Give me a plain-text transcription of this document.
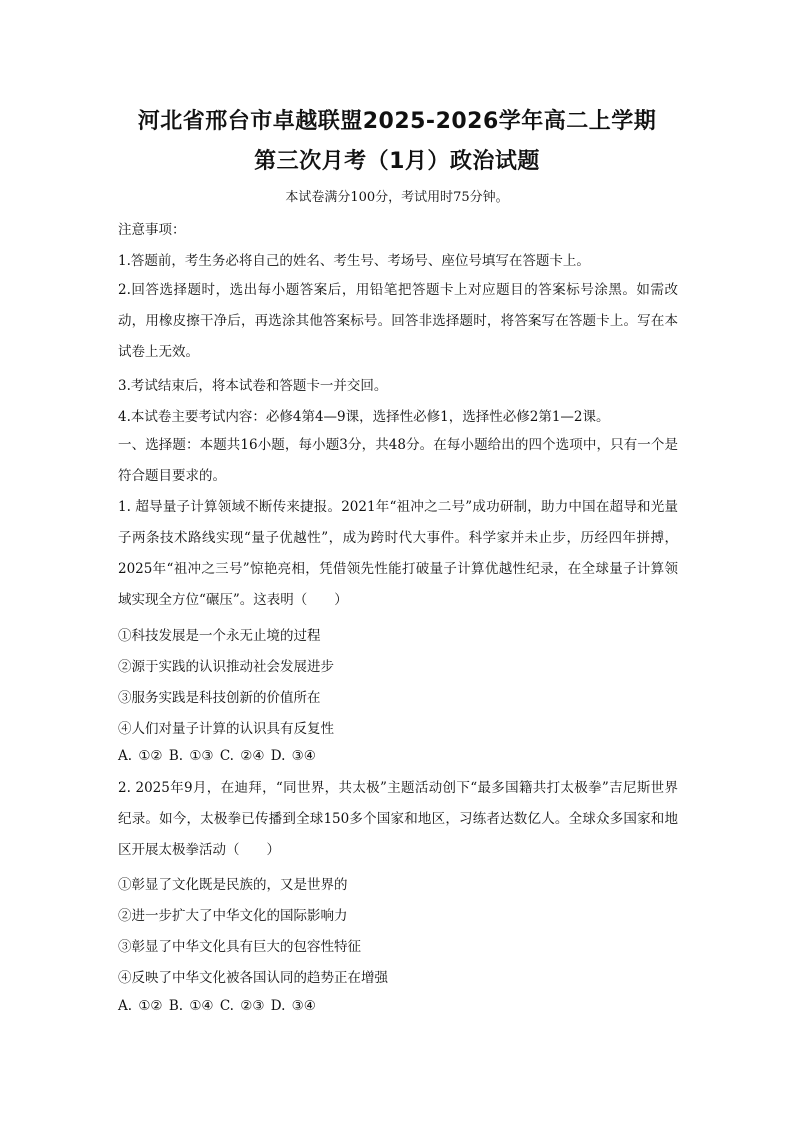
河北省邢台市卓越联盟2025-2026学年高二上学期
第三次月考（1月）政治试题
本试卷满分100分，考试用时75分钟。
注意事项：
1.答题前，考生务必将自己的姓名、考生号、考场号、座位号填写在答题卡上。
2.回答选择题时，选出每小题答案后，用铅笔把答题卡上对应题目的答案标号涂黑。如需改动，用橡皮擦干净后，再选涂其他答案标号。回答非选择题时，将答案写在答题卡上。写在本试卷上无效。
3.考试结束后，将本试卷和答题卡一并交回。
4.本试卷主要考试内容：必修4第4—9课，选择性必修1，选择性必修2第1—2课。
一、选择题：本题共16小题，每小题3分，共48分。在每小题给出的四个选项中，只有一个是符合题目要求的。
1. 超导量子计算领域不断传来捷报。2021年“祖冲之二号”成功研制，助力中国在超导和光量子两条技术路线实现“量子优越性”，成为跨时代大事件。科学家并未止步，历经四年拼搏，2025年“祖冲之三号”惊艳亮相，凭借领先性能打破量子计算优越性纪录，在全球量子计算领域实现全方位“碾压”。这表明（　　）
①科技发展是一个永无止境的过程
②源于实践的认识推动社会发展进步
③服务实践是科技创新的价值所在
④人们对量子计算的认识具有反复性
A. ①② B. ①③ C. ②④ D. ③④
2. 2025年9月，在迪拜，“同世界，共太极”主题活动创下“最多国籍共打太极拳”吉尼斯世界纪录。如今，太极拳已传播到全球150多个国家和地区，习练者达数亿人。全球众多国家和地区开展太极拳活动（　　）
①彰显了文化既是民族的，又是世界的
②进一步扩大了中华文化的国际影响力
③彰显了中华文化具有巨大的包容性特征
④反映了中华文化被各国认同的趋势正在增强
A. ①② B. ①④ C. ②③ D. ③④
